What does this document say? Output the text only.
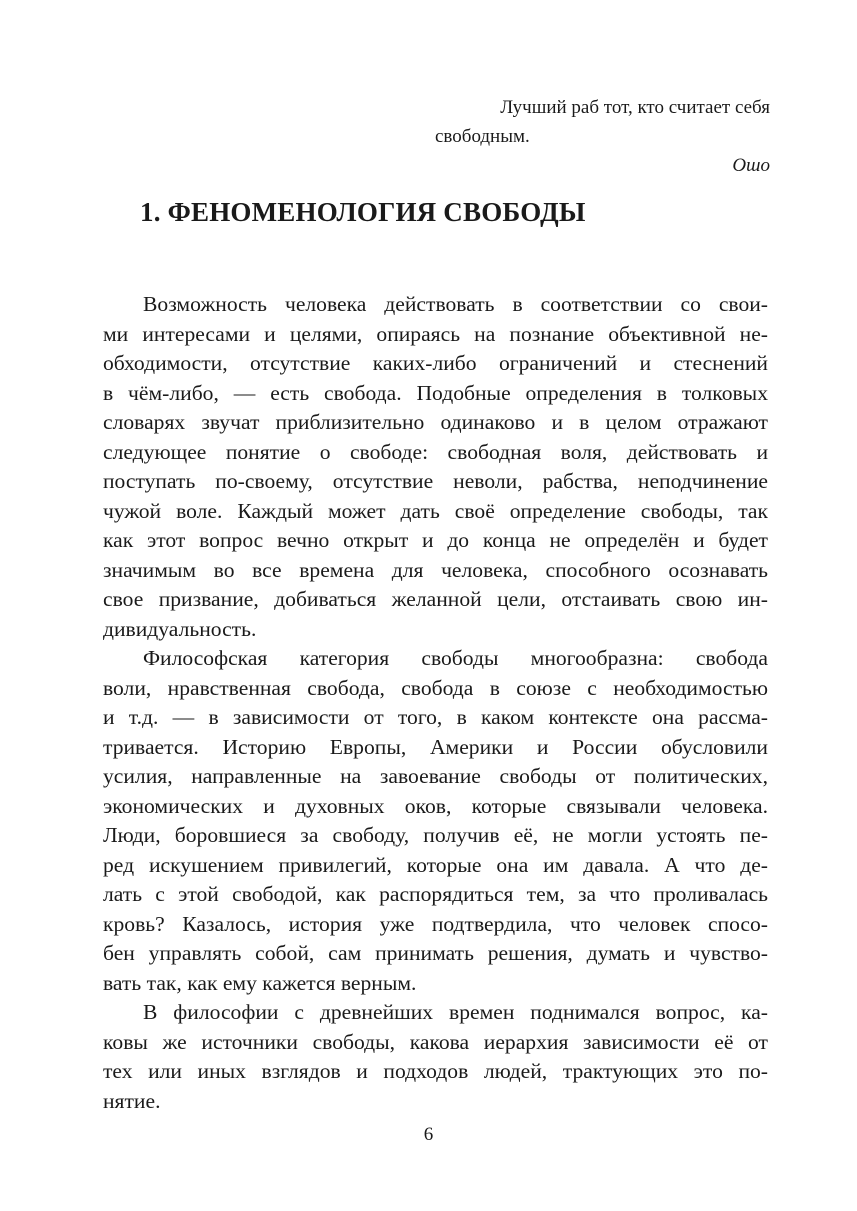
Лучший раб тот, кто считает себя
свободным.
Ошо
1. ФЕНОМЕНОЛОГИЯ СВОБОДЫ

Возможность человека действовать в соответствии со свои-
ми интересами и целями, опираясь на познание объективной не-
обходимости, отсутствие каких-либо ограничений и стеснений
в чём-либо, — есть свобода. Подобные определения в толковых
словарях звучат приблизительно одинаково и в целом отражают
следующее понятие о свободе: свободная воля, действовать и
поступать по-своему, отсутствие неволи, рабства, неподчинение
чужой воле. Каждый может дать своё определение свободы, так
как этот вопрос вечно открыт и до конца не определён и будет
значимым во все времена для человека, способного осознавать
свое призвание, добиваться желанной цели, отстаивать свою ин-
дивидуальность.

Философская категория свободы многообразна: свобода
воли, нравственная свобода, свобода в союзе с необходимостью
и т.д. — в зависимости от того, в каком контексте она рассма-
тривается. Историю Европы, Америки и России обусловили
усилия, направленные на завоевание свободы от политических,
экономических и духовных оков, которые связывали человека.
Люди, боровшиеся за свободу, получив её, не могли устоять пе-
ред искушением привилегий, которые она им давала. А что де-
лать с этой свободой, как распорядиться тем, за что проливалась
кровь? Казалось, история уже подтвердила, что человек спосо-
бен управлять собой, сам принимать решения, думать и чувство-
вать так, как ему кажется верным.

В философии с древнейших времен поднимался вопрос, ка-
ковы же источники свободы, какова иерархия зависимости её от
тех или иных взглядов и подходов людей, трактующих это по-
нятие.

6
